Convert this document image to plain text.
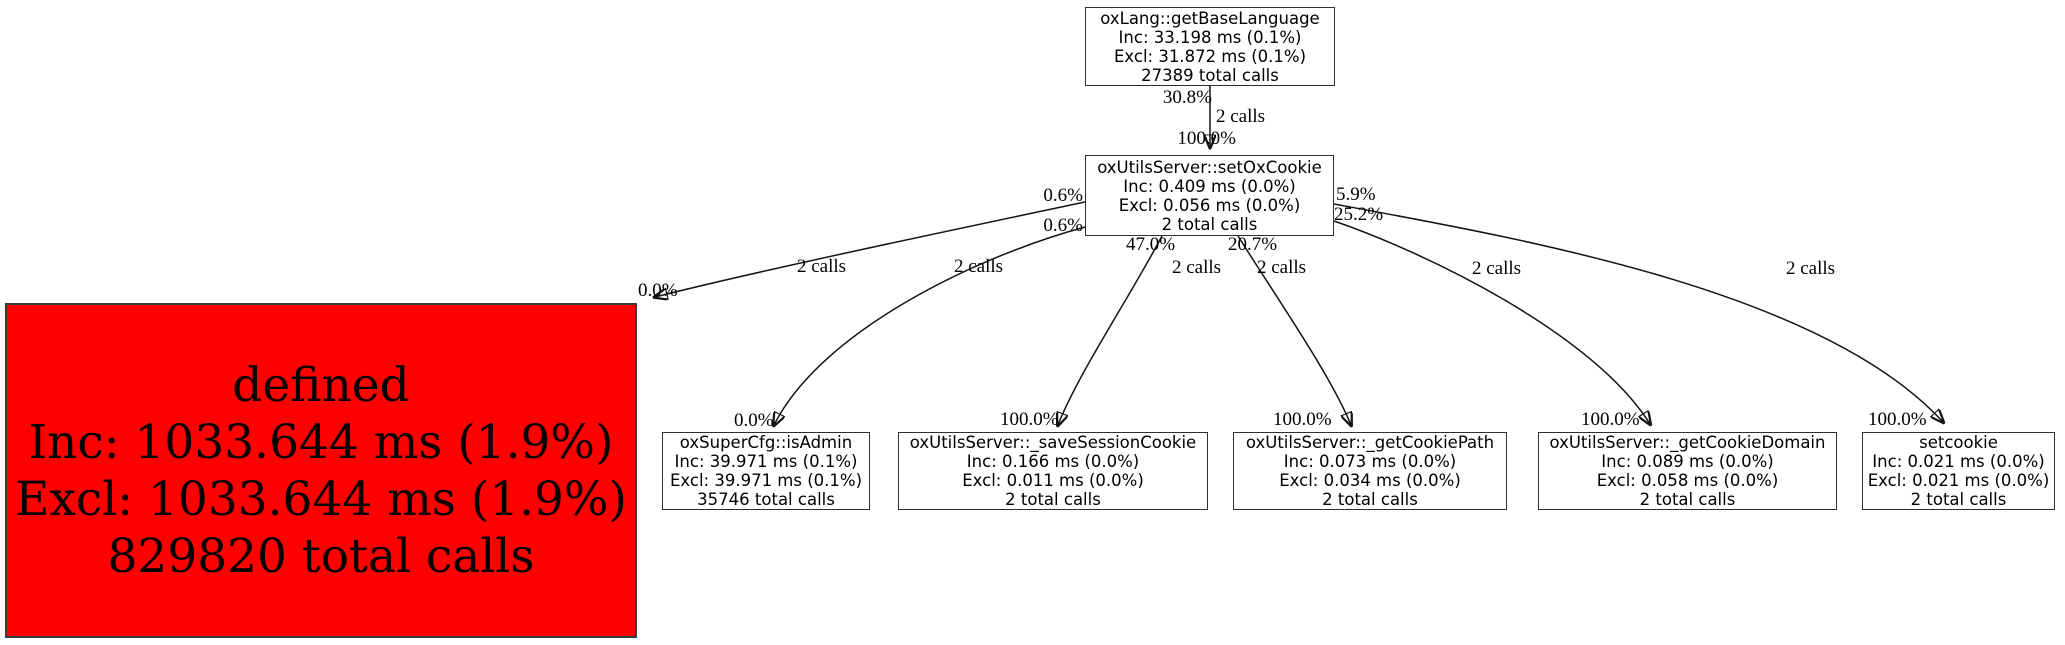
oxLang::getBaseLanguage
Inc: 33.198 ms (0.1%)
Excl: 31.872 ms (0.1%)
27389 total calls
oxUtilsServer::setOxCookie
Inc: 0.409 ms (0.0%)
Excl: 0.056 ms (0.0%)
2 total calls
defined
Inc: 1033.644 ms (1.9%)
Excl: 1033.644 ms (1.9%)
829820 total calls
oxSuperCfg::isAdmin
Inc: 39.971 ms (0.1%)
Excl: 39.971 ms (0.1%)
35746 total calls
oxUtilsServer::_saveSessionCookie
Inc: 0.166 ms (0.0%)
Excl: 0.011 ms (0.0%)
2 total calls
oxUtilsServer::_getCookiePath
Inc: 0.073 ms (0.0%)
Excl: 0.034 ms (0.0%)
2 total calls
oxUtilsServer::_getCookieDomain
Inc: 0.089 ms (0.0%)
Excl: 0.058 ms (0.0%)
2 total calls
setcookie
Inc: 0.021 ms (0.0%)
Excl: 0.021 ms (0.0%)
2 total calls
30.8%
2 calls
100.0%
0.6%
2 calls
0.0%
0.6%
2 calls
0.0%
47.0%
2 calls
100.0%
20.7%
2 calls
100.0%
25.2%
2 calls
100.0%
5.9%
2 calls
100.0%
